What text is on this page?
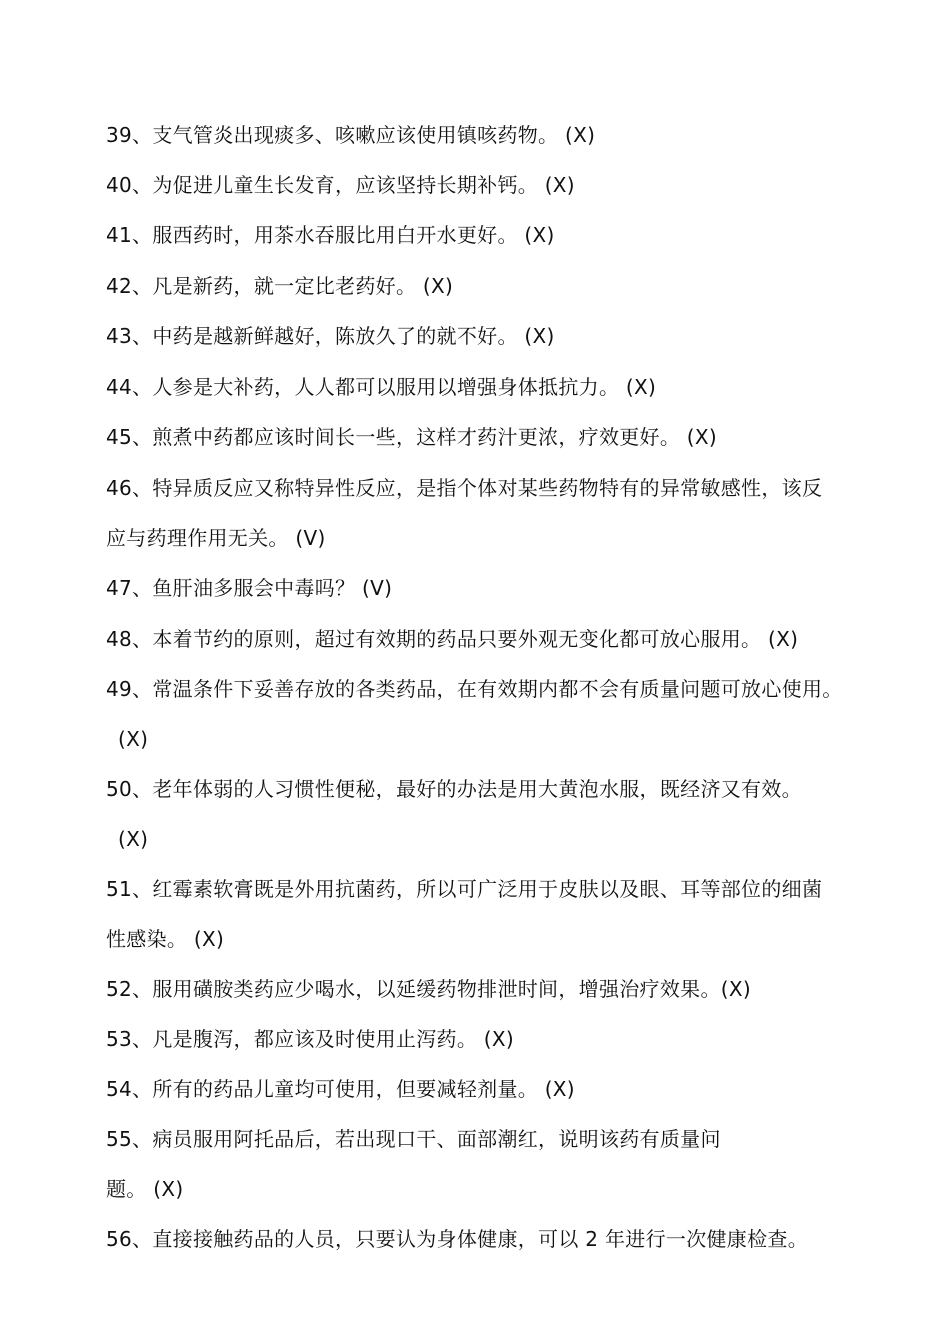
39、支气管炎出现痰多、咳嗽应该使用镇咳药物。 (X)
40、为促进儿童生长发育，应该坚持长期补钙。 (X)
41、服西药时，用茶水吞服比用白开水更好。 (X)
42、凡是新药，就一定比老药好。 (X)
43、中药是越新鲜越好，陈放久了的就不好。 (X)
44、人参是大补药，人人都可以服用以增强身体抵抗力。 (X)
45、煎煮中药都应该时间长一些，这样才药汁更浓，疗效更好。 (X)
46、特异质反应又称特异性反应，是指个体对某些药物特有的异常敏感性，该反
应与药理作用无关。 (V)
47、鱼肝油多服会中毒吗？ (V)
48、本着节约的原则，超过有效期的药品只要外观无变化都可放心服用。 (X)
49、常温条件下妥善存放的各类药品，在有效期内都不会有质量问题可放心使用。
(X)
50、老年体弱的人习惯性便秘，最好的办法是用大黄泡水服，既经济又有效。
(X)
51、红霉素软膏既是外用抗菌药，所以可广泛用于皮肤以及眼、耳等部位的细菌
性感染。 (X)
52、服用磺胺类药应少喝水，以延缓药物排泄时间，增强治疗效果。(X)
53、凡是腹泻，都应该及时使用止泻药。 (X)
54、所有的药品儿童均可使用，但要减轻剂量。 (X)
55、病员服用阿托品后，若出现口干、面部潮红，说明该药有质量问
题。 (X)
56、直接接触药品的人员，只要认为身体健康，可以 2 年进行一次健康检查。
